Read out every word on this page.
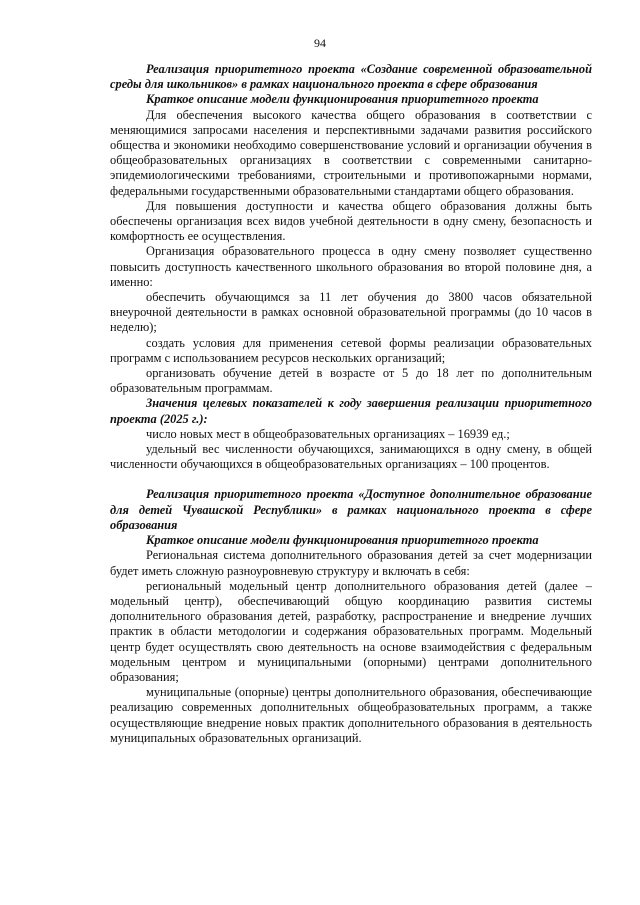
94

Реализация приоритетного проекта «Создание современной образовательной среды для школьников» в рамках национального проекта в сфере образования

Краткое описание модели функционирования приоритетного проекта

Для обеспечения высокого качества общего образования в соответствии с меняющимися запросами населения и перспективными задачами развития российского общества и экономики необходимо совершенствование условий и организации обучения в общеобразовательных организациях в соответствии с современными санитарно-эпидемиологическими требованиями, строительными и противопожарными нормами, федеральными государственными образовательными стандартами общего образования.

Для повышения доступности и качества общего образования должны быть обеспечены организация всех видов учебной деятельности в одну смену, безопасность и комфортность ее осуществления.

Организация образовательного процесса в одну смену позволяет существенно повысить доступность качественного школьного образования во второй половине дня, а именно:

обеспечить обучающимся за 11 лет обучения до 3800 часов обязательной внеурочной деятельности в рамках основной образовательной программы (до 10 часов в неделю);

создать условия для применения сетевой формы реализации образовательных программ с использованием ресурсов нескольких организаций;

организовать обучение детей в возрасте от 5 до 18 лет по дополнительным образовательным программам.

Значения целевых показателей к году завершения реализации приоритетного проекта (2025 г.):

число новых мест в общеобразовательных организациях – 16939 ед.;

удельный вес численности обучающихся, занимающихся в одну смену, в общей численности обучающихся в общеобразовательных организациях – 100 процентов.

Реализация приоритетного проекта «Доступное дополнительное образование для детей Чувашской Республики» в рамках национального проекта в сфере образования

Краткое описание модели функционирования приоритетного проекта

Региональная система дополнительного образования детей за счет модернизации будет иметь сложную разноуровневую структуру и включать в себя:

региональный модельный центр дополнительного образования детей (далее – модельный центр), обеспечивающий общую координацию развития системы дополнительного образования детей, разработку, распространение и внедрение лучших практик в области методологии и содержания образовательных программ. Модельный центр будет осуществлять свою деятельность на основе взаимодействия с федеральным модельным центром и муниципальными (опорными) центрами дополнительного образования;

муниципальные (опорные) центры дополнительного образования, обеспечивающие реализацию современных дополнительных общеобразовательных программ, а также осуществляющие внедрение новых практик дополнительного образования в деятельность муниципальных образовательных организаций.
